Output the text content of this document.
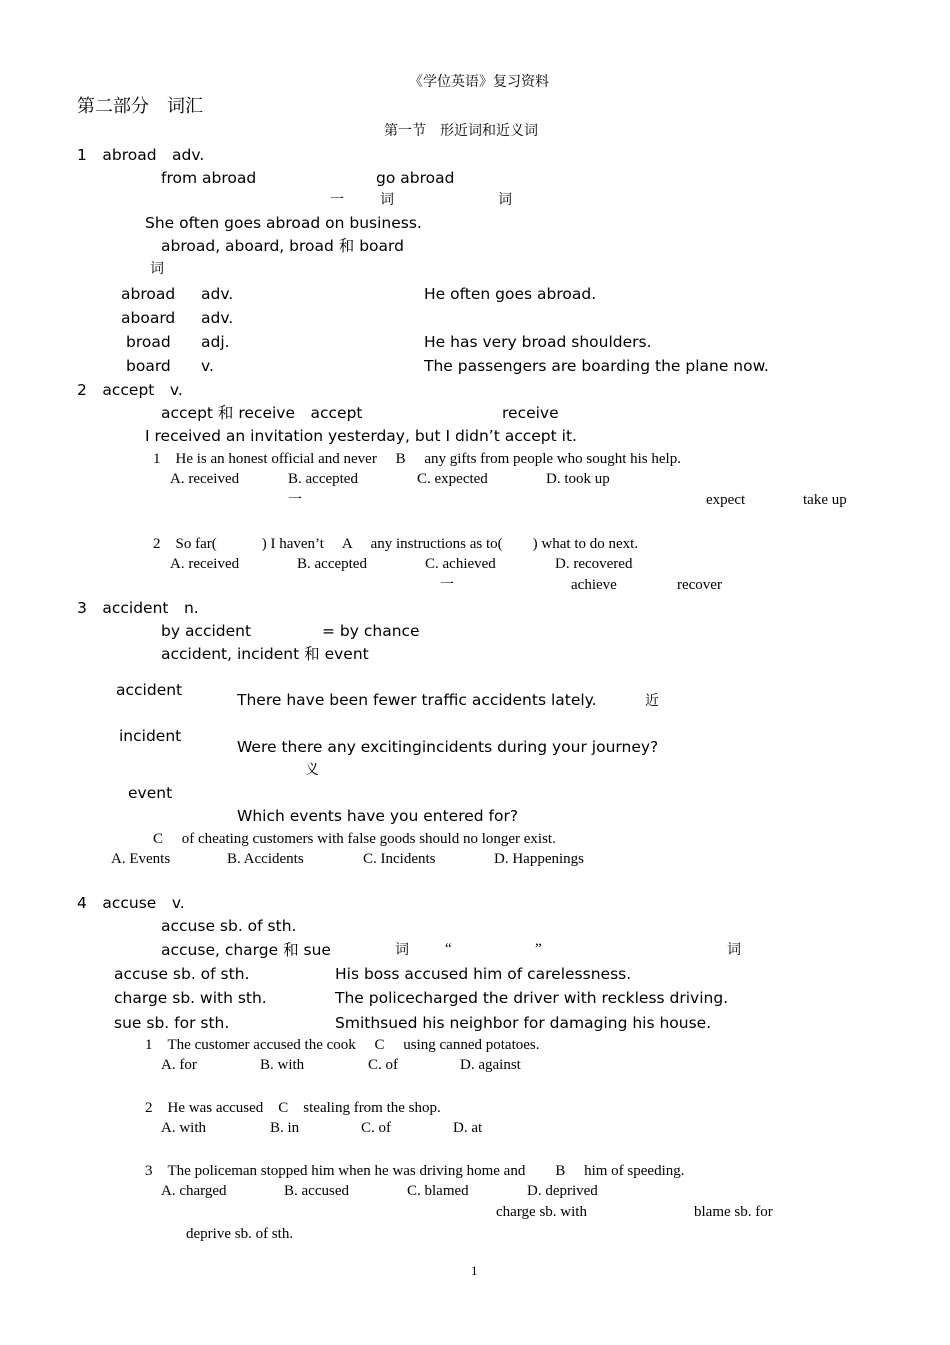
《学位英语》复习资料
第二部分　词汇
第一节　形近词和近义词
1　abroad　adv.
from abroad	go abroad
一	词	词
She often goes abroad on business.
abroad, aboard, broad 和 board
词
abroad adv.	He often goes abroad.
aboard adv.
broad adj.	He has very broad shoulders.
board v.	The passengers are boarding the plane now.
2　accept　v.
accept 和 receive　accept	receive
I received an invitation yesterday, but I didn’t accept it.
1　He is an honest official and never　 B　 any gifts from people who sought his help.
A. received	B. accepted	C. expected	D. took up
一	expect	take up
2　So far(　　　) I haven’t　 A　 any instructions as to(　　) what to do next.
A. received	B. accepted	C. achieved	D. recovered
一	achieve	recover
3　accident　n.
by accident	= by chance
accident, incident 和 event
accident
There have been fewer traffic accidents lately.	近
incident
Were there any excitingincidents during your journey?
义
event
Which events have you entered for?
C　 of cheating customers with false goods should no longer exist.
A. Events	B. Accidents	C. Incidents	D. Happenings
4　accuse　v.
accuse sb. of sth.
accuse, charge 和 sue	词 “	”	词
accuse sb. of sth.	His boss accused him of carelessness.
charge sb. with sth.	The policecharged the driver with reckless driving.
sue sb. for sth.	Smithsued his neighbor for damaging his house.
1　The customer accused the cook　 C　 using canned potatoes.
A. for	B. with	C. of	D. against
2　He was accused　C　stealing from the shop.
A. with	B. in	C. of	D. at
3　The policeman stopped him when he was driving home and　　B　 him of speeding.
A. charged	B. accused	C. blamed	D. deprived
charge sb. with	blame sb. for
deprive sb. of sth.
1
